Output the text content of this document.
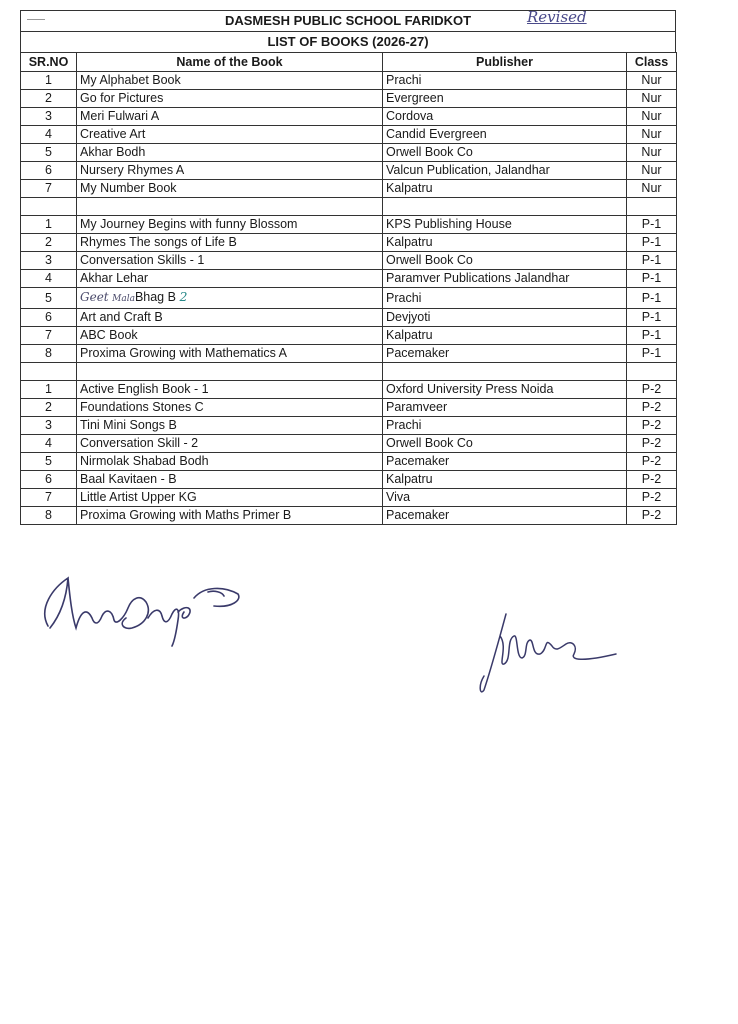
DASMESH PUBLIC SCHOOL FARIDKOT	Revised
LIST OF BOOKS (2026-27)
SR.NO	Name of the Book	Publisher	Class
1	My Alphabet Book	Prachi	Nur
2	Go for Pictures	Evergreen	Nur
3	Meri Fulwari A	Cordova	Nur
4	Creative Art	Candid Evergreen	Nur
5	Akhar Bodh	Orwell Book Co	Nur
6	Nursery Rhymes A	Valcun Publication, Jalandhar	Nur
7	My Number Book	Kalpatru	Nur

1	My Journey Begins with funny Blossom	KPS Publishing House	P-1
2	Rhymes The songs of Life B	Kalpatru	P-1
3	Conversation Skills - 1	Orwell Book Co	P-1
4	Akhar Lehar	Paramver Publications Jalandhar	P-1
5	Geet MalaBhag B 2	Prachi	P-1
6	Art and Craft B	Devjyoti	P-1
7	ABC Book	Kalpatru	P-1
8	Proxima Growing with Mathematics A	Pacemaker	P-1

1	Active English Book - 1	Oxford University Press Noida	P-2
2	Foundations Stones C	Paramveer	P-2
3	Tini Mini Songs B	Prachi	P-2
4	Conversation Skill - 2	Orwell Book Co	P-2
5	Nirmolak Shabad Bodh	Pacemaker	P-2
6	Baal Kavitaen - B	Kalpatru	P-2
7	Little Artist Upper KG	Viva	P-2
8	Proxima Growing with Maths Primer B	Pacemaker	P-2
